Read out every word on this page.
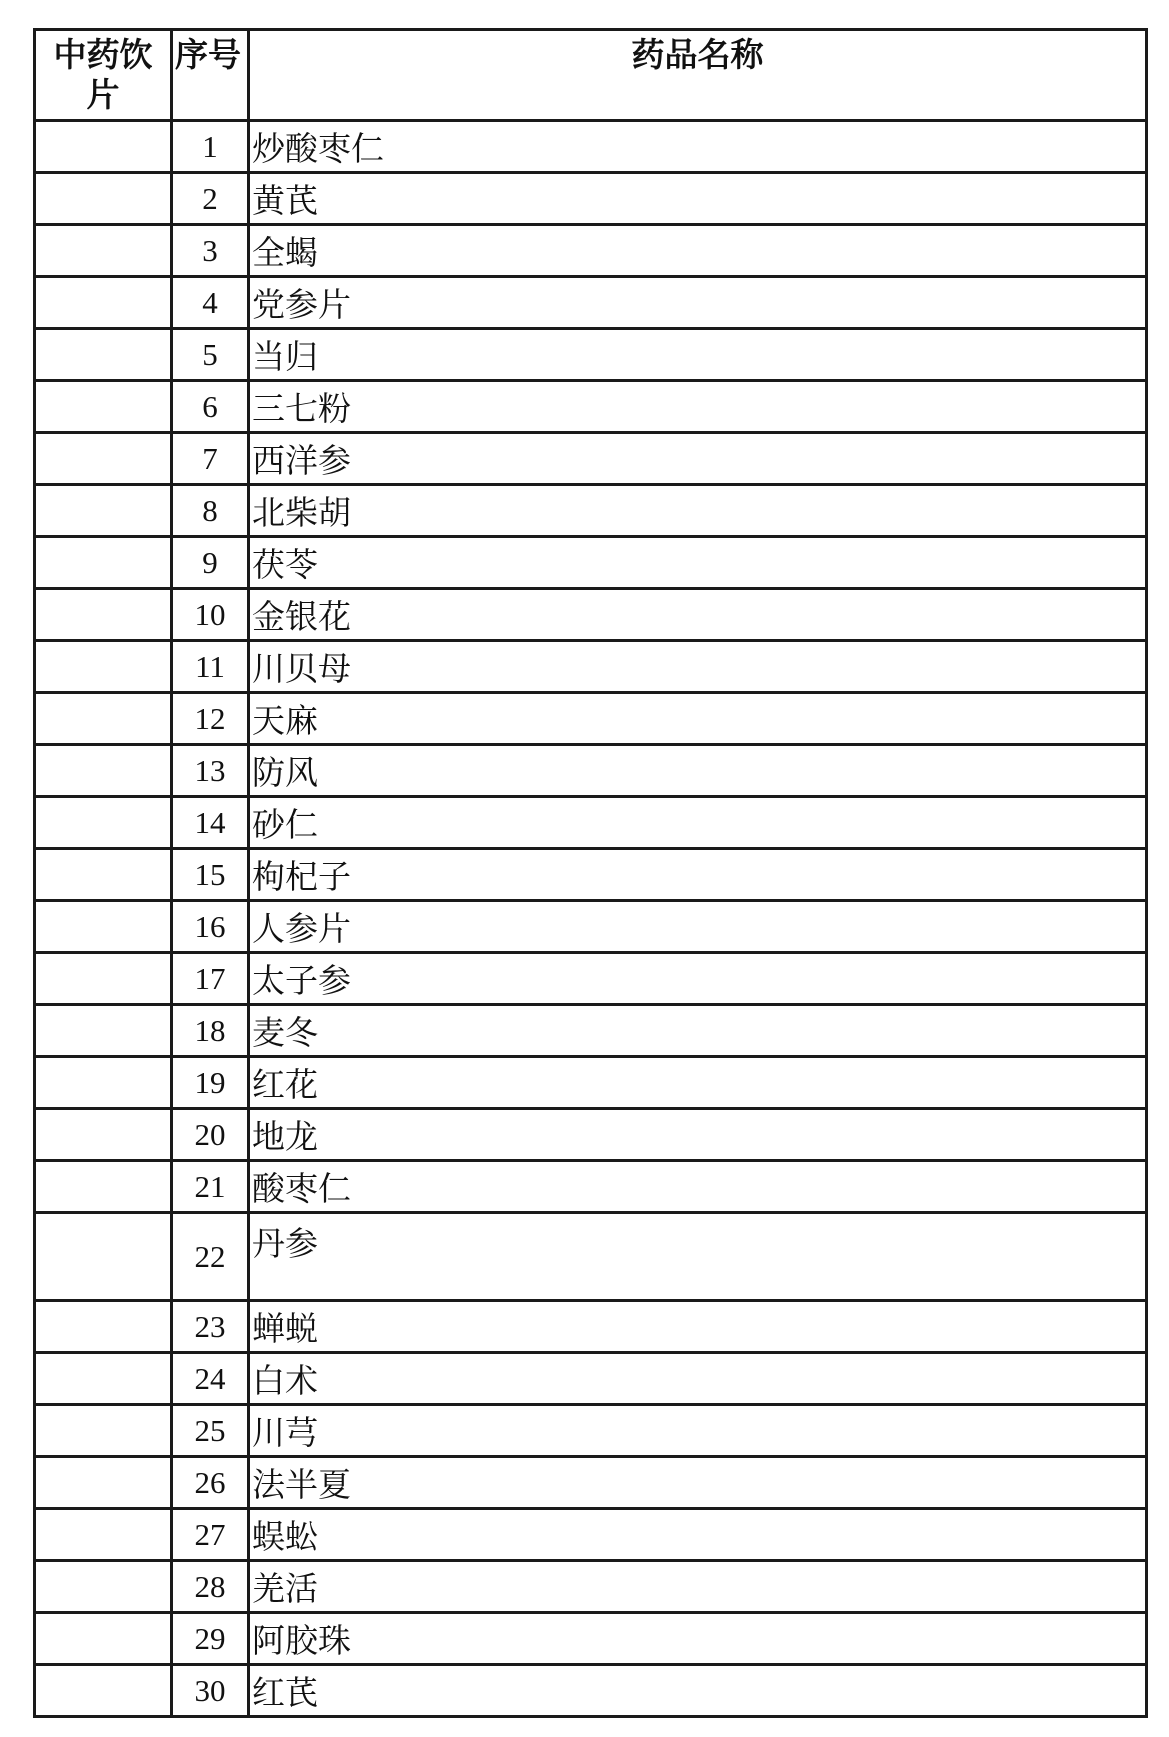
中药饮片	序号	药品名称
	1	炒酸枣仁
	2	黄芪
	3	全蝎
	4	党参片
	5	当归
	6	三七粉
	7	西洋参
	8	北柴胡
	9	茯苓
	10	金银花
	11	川贝母
	12	天麻
	13	防风
	14	砂仁
	15	枸杞子
	16	人参片
	17	太子参
	18	麦冬
	19	红花
	20	地龙
	21	酸枣仁
	22	丹参
	23	蝉蜕
	24	白术
	25	川芎
	26	法半夏
	27	蜈蚣
	28	羌活
	29	阿胶珠
	30	红芪
